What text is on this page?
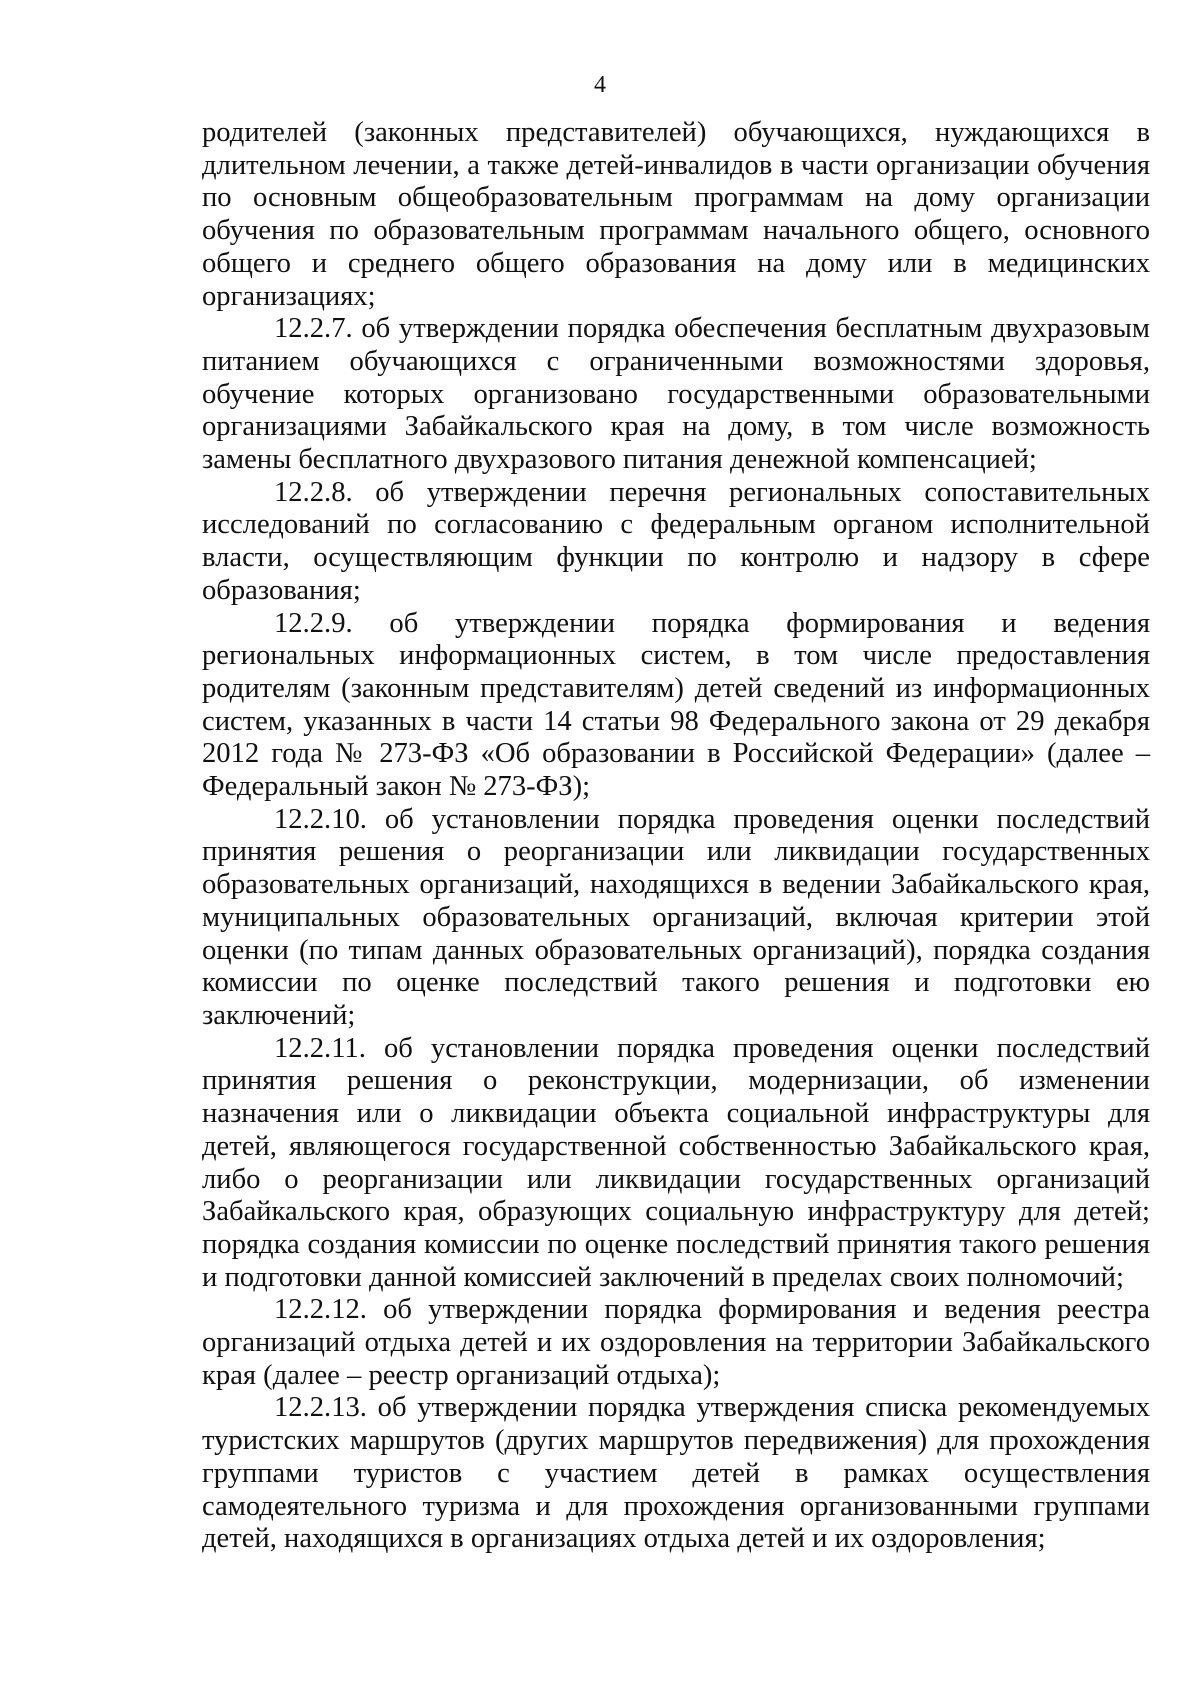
4

родителей (законных представителей) обучающихся, нуждающихся в длительном лечении, а также детей-инвалидов в части организации обучения по основным общеобразовательным программам на дому организации обучения по образовательным программам начального общего, основного общего и среднего общего образования на дому или в медицинских организациях;

12.2.7. об утверждении порядка обеспечения бесплатным двухразовым питанием обучающихся с ограниченными возможностями здоровья, обучение которых организовано государственными образовательными организациями Забайкальского края на дому, в том числе возможность замены бесплатного двухразового питания денежной компенсацией;

12.2.8. об утверждении перечня региональных сопоставительных исследований по согласованию с федеральным органом исполнительной власти, осуществляющим функции по контролю и надзору в сфере образования;

12.2.9. об утверждении порядка формирования и ведения региональных информационных систем, в том числе предоставления родителям (законным представителям) детей сведений из информационных систем, указанных в части 14 статьи 98 Федерального закона от 29 декабря 2012 года № 273-ФЗ «Об образовании в Российской Федерации» (далее – Федеральный закон № 273-ФЗ);

12.2.10. об установлении порядка проведения оценки последствий принятия решения о реорганизации или ликвидации государственных образовательных организаций, находящихся в ведении Забайкальского края, муниципальных образовательных организаций, включая критерии этой оценки (по типам данных образовательных организаций), порядка создания комиссии по оценке последствий такого решения и подготовки ею заключений;

12.2.11. об установлении порядка проведения оценки последствий принятия решения о реконструкции, модернизации, об изменении назначения или о ликвидации объекта социальной инфраструктуры для детей, являющегося государственной собственностью Забайкальского края, либо о реорганизации или ликвидации государственных организаций Забайкальского края, образующих социальную инфраструктуру для детей; порядка создания комиссии по оценке последствий принятия такого решения и подготовки данной комиссией заключений в пределах своих полномочий;

12.2.12. об утверждении порядка формирования и ведения реестра организаций отдыха детей и их оздоровления на территории Забайкальского края (далее – реестр организаций отдыха);

12.2.13. об утверждении порядка утверждения списка рекомендуемых туристских маршрутов (других маршрутов передвижения) для прохождения группами туристов с участием детей в рамках осуществления самодеятельного туризма и для прохождения организованными группами детей, находящихся в организациях отдыха детей и их оздоровления;
